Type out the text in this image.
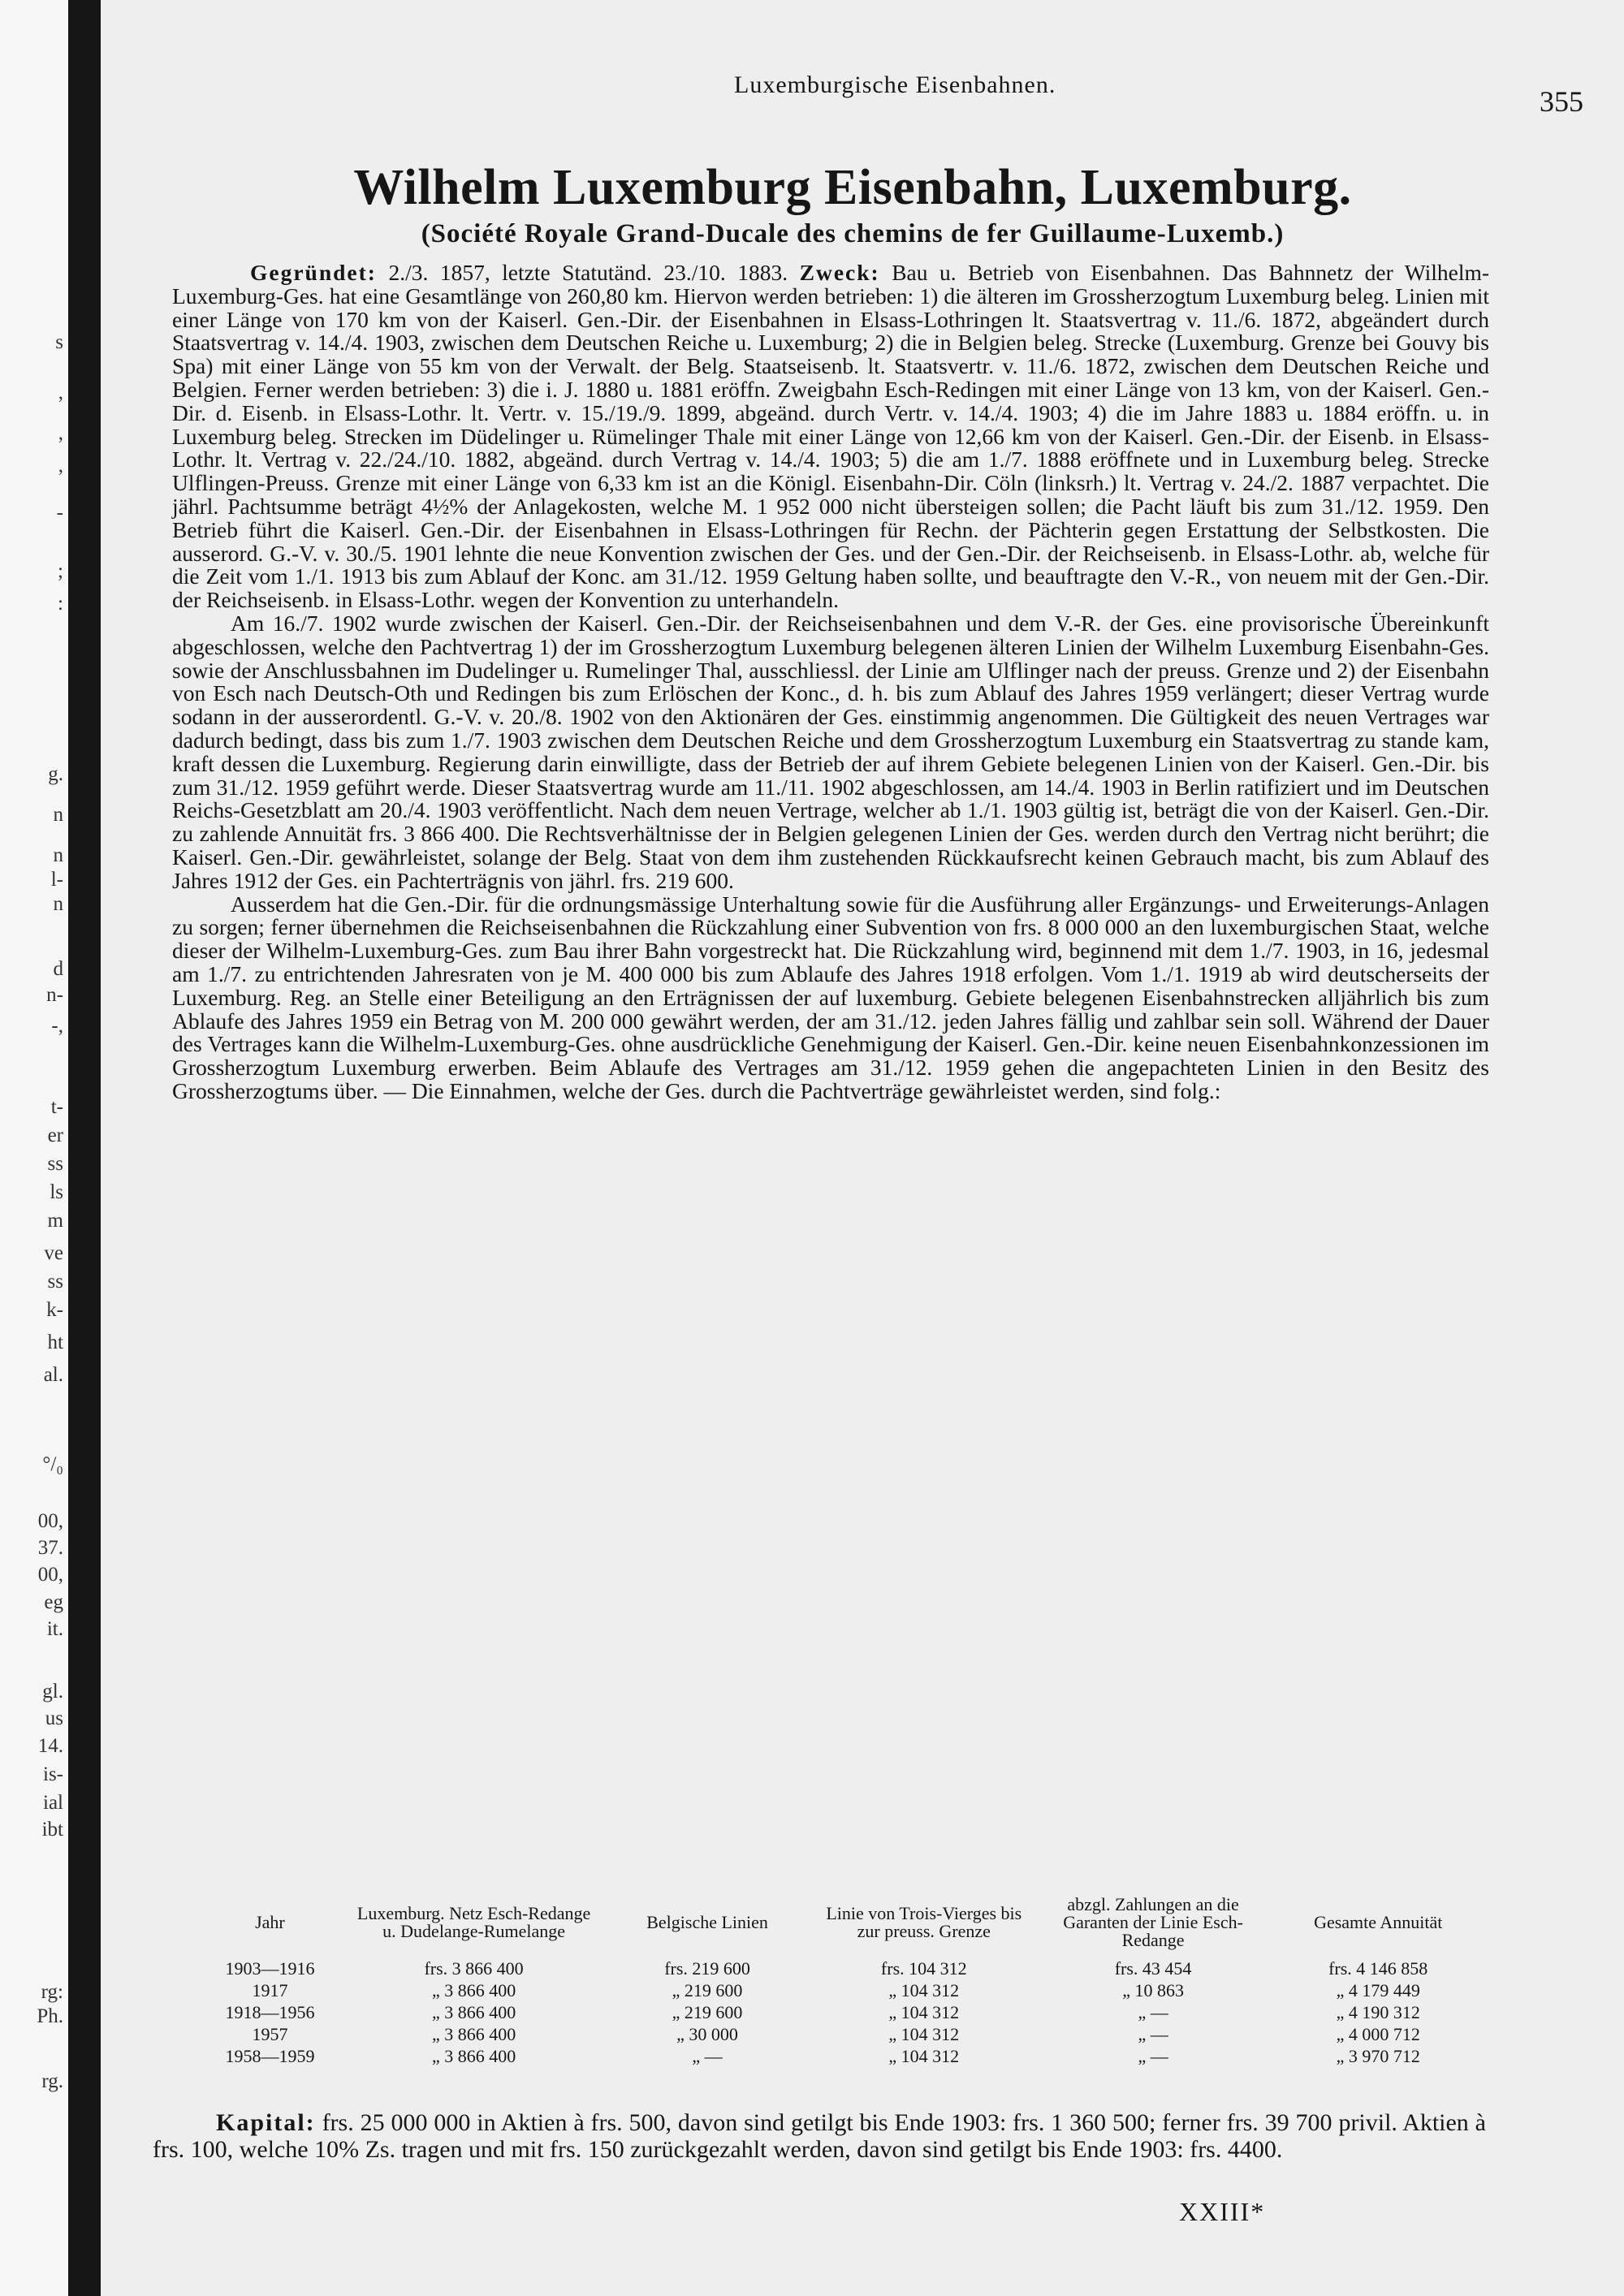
s
,
,
,
-
;
:
g.
n
n
l-
n
d
n-
-,
t-
er
ss
ls
m
ve
ss
k-
ht
al.
°/₀
00,
37.
00,
eg
it.
gl.
us
14.
is-
ial
ibt
rg:
Ph.
rg.
Luxemburgische Eisenbahnen.
355
Wilhelm Luxemburg Eisenbahn, Luxemburg.
(Société Royale Grand-Ducale des chemins de fer Guillaume-Luxemb.)

Gegründet: 2./3. 1857, letzte Statutänd. 23./10. 1883. Zweck: Bau u. Betrieb von Eisenbahnen. Das Bahnnetz der Wilhelm-Luxemburg-Ges. hat eine Gesamtlänge von 260,80 km. Hiervon werden betrieben: 1) die älteren im Grossherzogtum Luxemburg beleg. Linien mit einer Länge von 170 km von der Kaiserl. Gen.-Dir. der Eisenbahnen in Elsass-Lothringen lt. Staatsvertrag v. 11./6. 1872, abgeändert durch Staatsvertrag v. 14./4. 1903, zwischen dem Deutschen Reiche u. Luxemburg; 2) die in Belgien beleg. Strecke (Luxemburg. Grenze bei Gouvy bis Spa) mit einer Länge von 55 km von der Verwalt. der Belg. Staatseisenb. lt. Staatsvertr. v. 11./6. 1872, zwischen dem Deutschen Reiche und Belgien. Ferner werden betrieben: 3) die i. J. 1880 u. 1881 eröffn. Zweigbahn Esch-Redingen mit einer Länge von 13 km, von der Kaiserl. Gen.-Dir. d. Eisenb. in Elsass-Lothr. lt. Vertr. v. 15./19./9. 1899, abgeänd. durch Vertr. v. 14./4. 1903; 4) die im Jahre 1883 u. 1884 eröffn. u. in Luxemburg beleg. Strecken im Düdelinger u. Rümelinger Thale mit einer Länge von 12,66 km von der Kaiserl. Gen.-Dir. der Eisenb. in Elsass-Lothr. lt. Vertrag v. 22./24./10. 1882, abgeänd. durch Vertrag v. 14./4. 1903; 5) die am 1./7. 1888 eröffnete und in Luxemburg beleg. Strecke Ulflingen-Preuss. Grenze mit einer Länge von 6,33 km ist an die Königl. Eisenbahn-Dir. Cöln (linksrh.) lt. Vertrag v. 24./2. 1887 verpachtet. Die jährl. Pachtsumme beträgt 4½% der Anlagekosten, welche M. 1 952 000 nicht übersteigen sollen; die Pacht läuft bis zum 31./12. 1959. Den Betrieb führt die Kaiserl. Gen.-Dir. der Eisenbahnen in Elsass-Lothringen für Rechn. der Pächterin gegen Erstattung der Selbstkosten. Die ausserord. G.-V. v. 30./5. 1901 lehnte die neue Konvention zwischen der Ges. und der Gen.-Dir. der Reichseisenb. in Elsass-Lothr. ab, welche für die Zeit vom 1./1. 1913 bis zum Ablauf der Konc. am 31./12. 1959 Geltung haben sollte, und beauftragte den V.-R., von neuem mit der Gen.-Dir. der Reichseisenb. in Elsass-Lothr. wegen der Konvention zu unterhandeln.

Am 16./7. 1902 wurde zwischen der Kaiserl. Gen.-Dir. der Reichseisenbahnen und dem V.-R. der Ges. eine provisorische Übereinkunft abgeschlossen, welche den Pachtvertrag 1) der im Grossherzogtum Luxemburg belegenen älteren Linien der Wilhelm Luxemburg Eisenbahn-Ges. sowie der Anschlussbahnen im Dudelinger u. Rumelinger Thal, ausschliessl. der Linie am Ulflinger nach der preuss. Grenze und 2) der Eisenbahn von Esch nach Deutsch-Oth und Redingen bis zum Erlöschen der Konc., d. h. bis zum Ablauf des Jahres 1959 verlängert; dieser Vertrag wurde sodann in der ausserordentl. G.-V. v. 20./8. 1902 von den Aktionären der Ges. einstimmig angenommen. Die Gültigkeit des neuen Vertrages war dadurch bedingt, dass bis zum 1./7. 1903 zwischen dem Deutschen Reiche und dem Grossherzogtum Luxemburg ein Staatsvertrag zu stande kam, kraft dessen die Luxemburg. Regierung darin einwilligte, dass der Betrieb der auf ihrem Gebiete belegenen Linien von der Kaiserl. Gen.-Dir. bis zum 31./12. 1959 geführt werde. Dieser Staatsvertrag wurde am 11./11. 1902 abgeschlossen, am 14./4. 1903 in Berlin ratifiziert und im Deutschen Reichs-Gesetzblatt am 20./4. 1903 veröffentlicht. Nach dem neuen Vertrage, welcher ab 1./1. 1903 gültig ist, beträgt die von der Kaiserl. Gen.-Dir. zu zahlende Annuität frs. 3 866 400. Die Rechtsverhältnisse der in Belgien gelegenen Linien der Ges. werden durch den Vertrag nicht berührt; die Kaiserl. Gen.-Dir. gewährleistet, solange der Belg. Staat von dem ihm zustehenden Rückkaufsrecht keinen Gebrauch macht, bis zum Ablauf des Jahres 1912 der Ges. ein Pachterträgnis von jährl. frs. 219 600.

Ausserdem hat die Gen.-Dir. für die ordnungsmässige Unterhaltung sowie für die Ausführung aller Ergänzungs- und Erweiterungs-Anlagen zu sorgen; ferner übernehmen die Reichseisenbahnen die Rückzahlung einer Subvention von frs. 8 000 000 an den luxemburgischen Staat, welche dieser der Wilhelm-Luxemburg-Ges. zum Bau ihrer Bahn vorgestreckt hat. Die Rückzahlung wird, beginnend mit dem 1./7. 1903, in 16, jedesmal am 1./7. zu entrichtenden Jahresraten von je M. 400 000 bis zum Ablaufe des Jahres 1918 erfolgen. Vom 1./1. 1919 ab wird deutscherseits der Luxemburg. Reg. an Stelle einer Beteiligung an den Erträgnissen der auf luxemburg. Gebiete belegenen Eisenbahnstrecken alljährlich bis zum Ablaufe des Jahres 1959 ein Betrag von M. 200 000 gewährt werden, der am 31./12. jeden Jahres fällig und zahlbar sein soll. Während der Dauer des Vertrages kann die Wilhelm-Luxemburg-Ges. ohne ausdrückliche Genehmigung der Kaiserl. Gen.-Dir. keine neuen Eisenbahnkonzessionen im Grossherzogtum Luxemburg erwerben. Beim Ablaufe des Vertrages am 31./12. 1959 gehen die angepachteten Linien in den Besitz des Grossherzogtums über. — Die Einnahmen, welche der Ges. durch die Pachtverträge gewährleistet werden, sind folg.:

Jahr	Luxemburg. Netz Esch-Redange u. Dudelange-Rumelange	Belgische Linien	Linie von Trois-Vierges bis zur preuss. Grenze	abzgl. Zahlungen an die Garanten der Linie Esch-Redange	Gesamte Annuität
1903—1916	frs. 3 866 400	frs. 219 600	frs. 104 312	frs. 43 454	frs. 4 146 858
1917	„ 3 866 400	„ 219 600	„ 104 312	„ 10 863	„ 4 179 449
1918—1956	„ 3 866 400	„ 219 600	„ 104 312	„ —	„ 4 190 312
1957	„ 3 866 400	„ 30 000	„ 104 312	„ —	„ 4 000 712
1958—1959	„ 3 866 400	„ —	„ 104 312	„ —	„ 3 970 712

Kapital: frs. 25 000 000 in Aktien à frs. 500, davon sind getilgt bis Ende 1903: frs. 1 360 500; ferner frs. 39 700 privil. Aktien à frs. 100, welche 10% Zs. tragen und mit frs. 150 zurückgezahlt werden, davon sind getilgt bis Ende 1903: frs. 4400.

XXIII*
